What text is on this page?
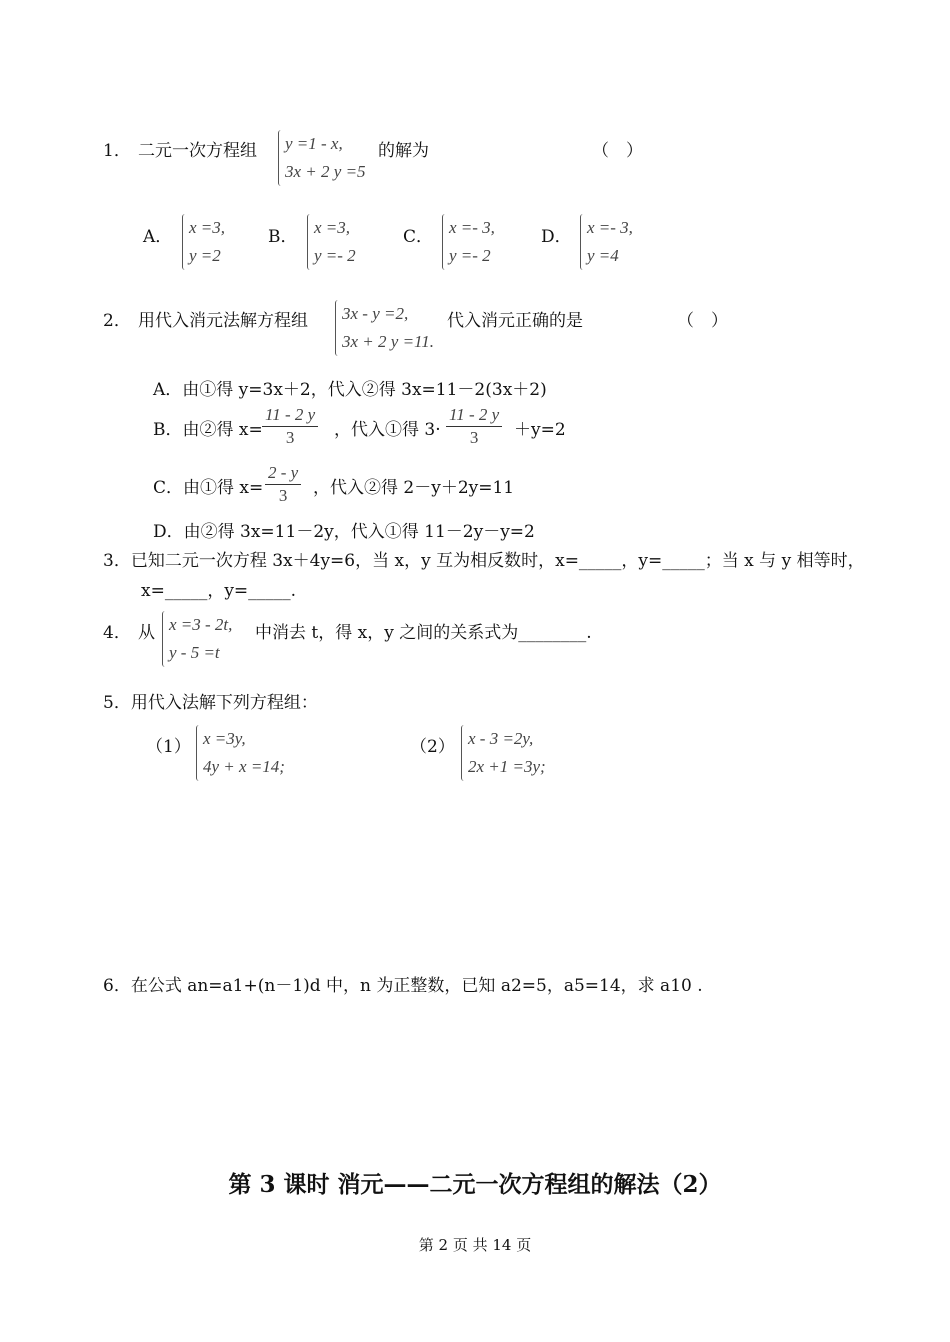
1． 二元一次方程组 y =1 - x,
3x + 2 y =5
的解为	（　）
A． x =3,
y =2
B． x =3,
y =- 2
C． x =- 3,
y =- 2
D． x =- 3,
y =4
2． 用代入消元法解方程组 3x - y =2,
3x + 2 y =11.
代入消元正确的是	（　）
A．由①得 y=3x＋2，代入②得 3x=11－2(3x＋2)
B．由②得 $x= \frac{11 - 2 y}{3}$ ，代入①得 $3\cdot \frac{11 - 2 y}{3} +y=2$
C．由①得 $x= \frac{2 - y}{3}$ ，代入②得 2－y＋2y=11
D．由②得 3x=11－2y，代入①得 11－2y－y=2
3．已知二元一次方程 3x＋4y=6，当 x，y 互为相反数时，x=_____，y=_____；当 x 与 y 相等时，
x=_____，y=_____.
4． 从 x =3 - 2t,
y - 5 =t
中消去 t，得 x，y 之间的关系式为________.
5．用代入法解下列方程组：
（1） x =3y,
4y + x =14;
（2） x - 3 =2y,
2x +1 =3y;
6．在公式 an=a1+(n－1)d 中，n 为正整数，已知 a2=5，a5=14，求 a10 .
第 3 课时 消元——二元一次方程组的解法（2）
第 2 页 共 14 页
